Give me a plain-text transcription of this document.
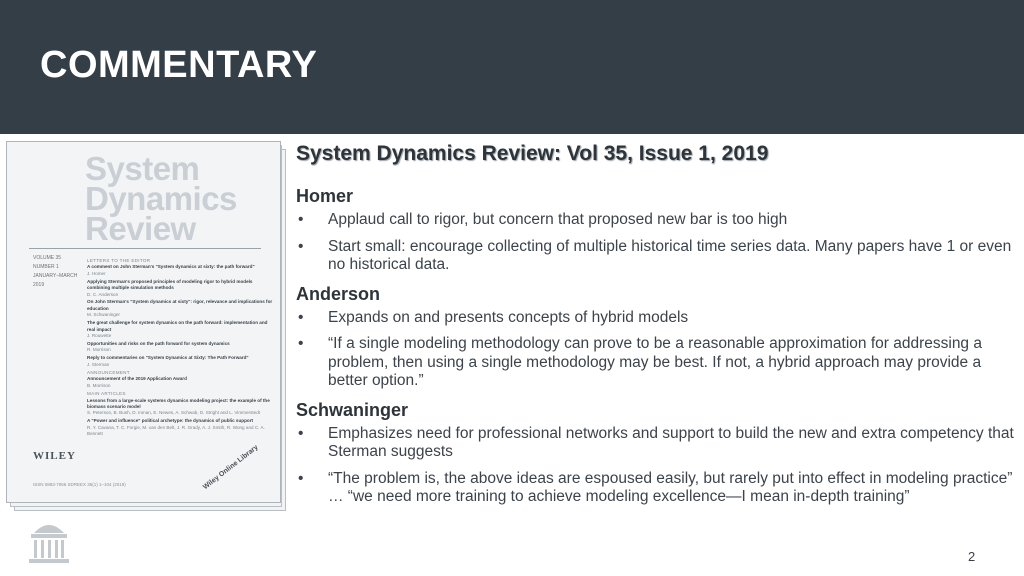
COMMENTARY
System
Dynamics
Review
VOLUME 35
NUMBER 1
JANUARY–MARCH
2019
LETTERS TO THE EDITOR
A comment on John Sterman's "System dynamics at sixty: the path forward"
J. Homer
Applying Sterman's proposed principles of modeling rigor to hybrid models combining multiple simulation methods
D. C. Anderson
On John Sterman's "System dynamics at sixty": rigor, relevance and implications for education
M. Schwaninger
The great challenge for system dynamics on the path forward: implementation and real impact
J. Rouwette
Opportunities and risks on the path forward for system dynamics
R. Morrison
Reply to commentaries on "System Dynamics at Sixty: The Path Forward"
J. Sterman
ANNOUNCEMENT
Announcement of the 2019 Application Award
B. Morrison
MAIN ARTICLES
Lessons from a large-scale systems dynamics modeling project: the example of the biomass scenario model
S. Peterson, B. Bush, D. Inman, E. Newes, A. Schwab, D. Stright and L. Vimmerstedt
A "Power and influence" political archetype: the dynamics of public support
R. Y. Cavana, T. C. Forgie, M. van den Belt, J. R. Grady, A. J. Smith, R. Wong and C. A. Bennett
WILEY
ISSN 0883-7066 SDREEX 35(1) 1–104 (2019)	Wiley Online Library
System Dynamics Review: Vol 35, Issue 1, 2019
Homer
• Applaud call to rigor, but concern that proposed new bar is too high
• Start small: encourage collecting of multiple historical time series data. Many papers have 1 or even no historical data.
Anderson
• Expands on and presents concepts of hybrid models
• “If a single modeling methodology can prove to be a reasonable approximation for addressing a problem, then using a single methodology may be best. If not, a hybrid approach may provide a better option.”
Schwaninger
• Emphasizes need for professional networks and support to build the new and extra competency that Sterman suggests
• “The problem is, the above ideas are espoused easily, but rarely put into effect in modeling practice” … “we need more training to achieve modeling excellence—I mean in-depth training”
2
